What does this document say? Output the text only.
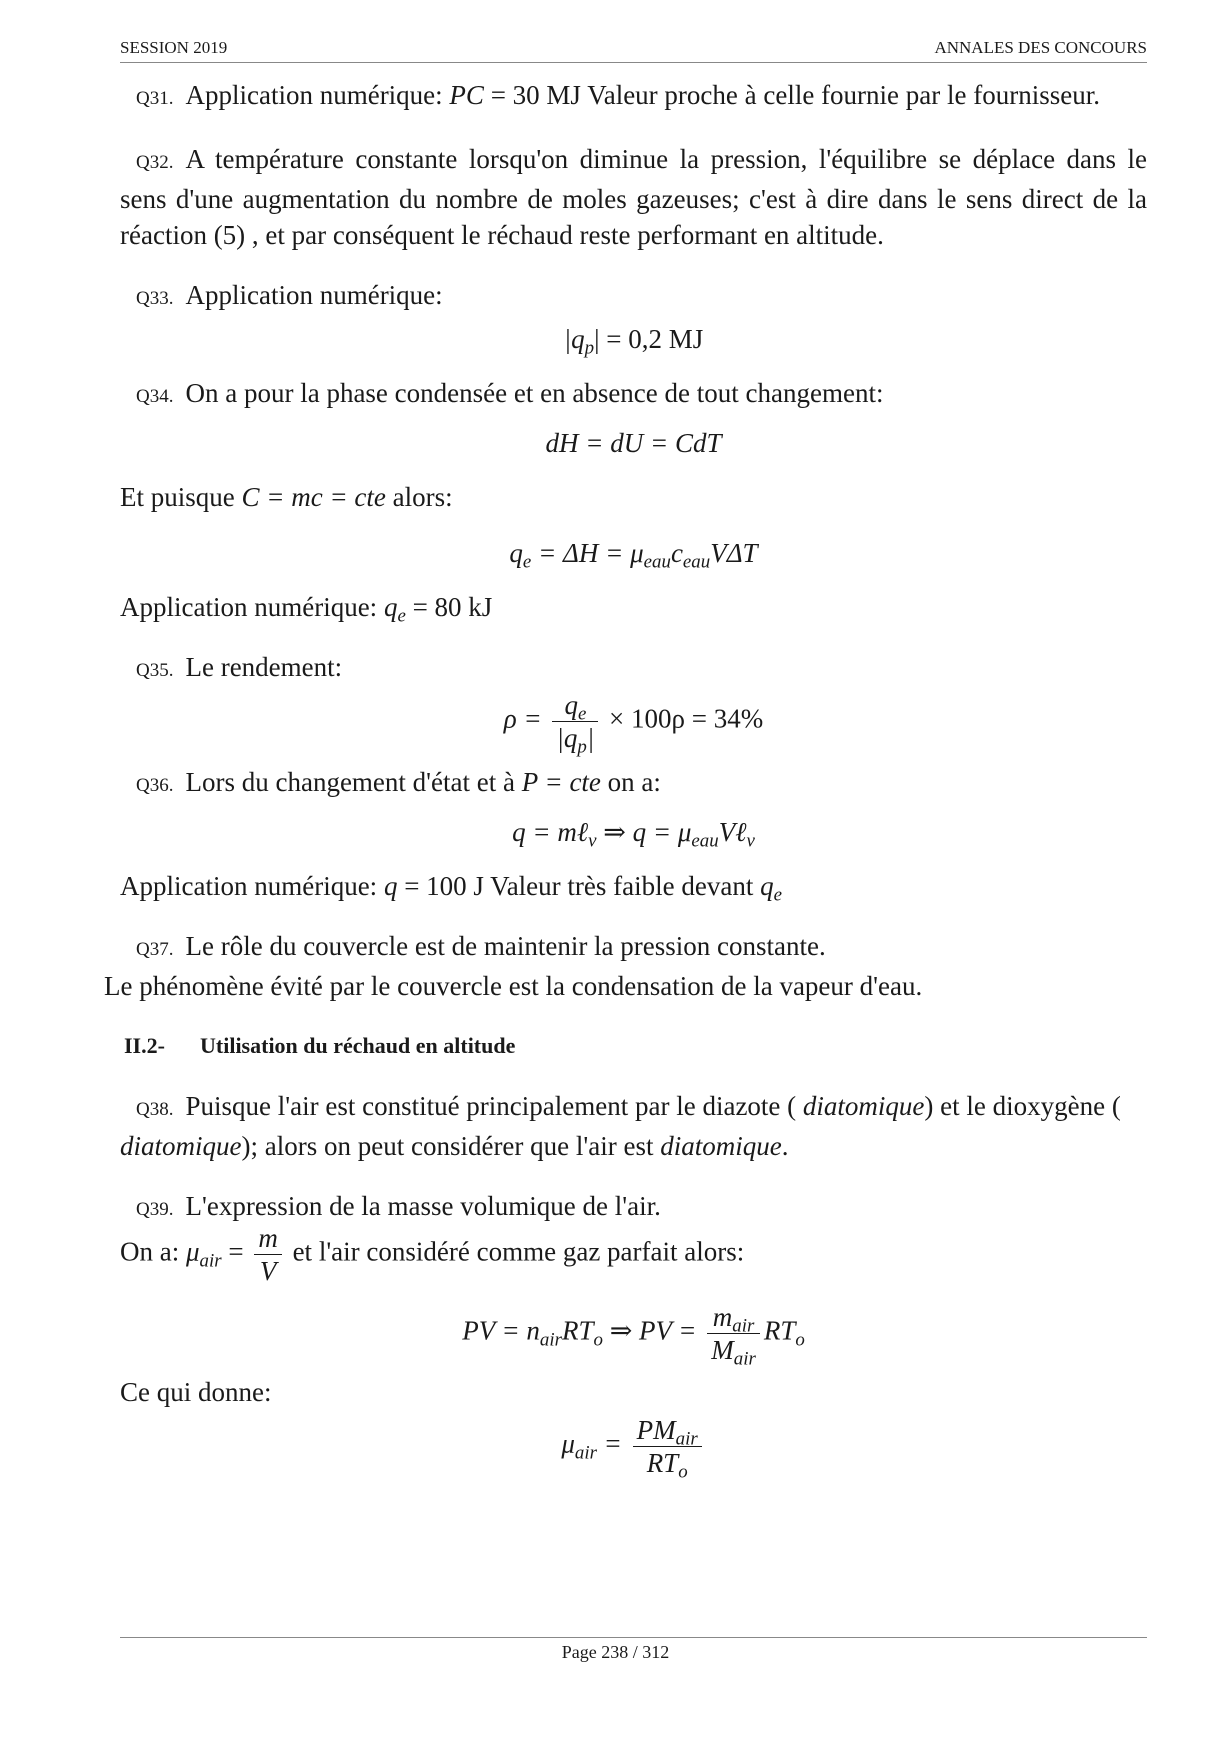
SESSION 2019	ANNALES DES CONCOURS

Q31. Application numérique: PC = 30 MJ Valeur proche à celle fournie par le fournisseur.

Q32. A température constante lorsqu'on diminue la pression, l'équilibre se déplace dans le sens d'une augmentation du nombre de moles gazeuses; c'est à dire dans le sens direct de la réaction (5) , et par conséquent le réchaud reste performant en altitude.

Q33. Application numérique:

$|q_p| = 0,2$ MJ

Q34. On a pour la phase condensée et en absence de tout changement:

dH = dU = CdT

Et puisque C = mc = cte alors:

$q_e = \Delta H = \mu_{eau}c_{eau}V\Delta T$

Application numérique: $q_e = 80$ kJ

Q35. Le rendement:

$\rho = \frac{q_e}{|q_p|} \times 100\rho = 34\%$

Q36. Lors du changement d'état et à P = cte on a:

q = mℓ$_v$ ⇒ $q = \mu_{eau}V\ell_v$

Application numérique: q = 100 J Valeur très faible devant $q_e$

Q37. Le rôle du couvercle est de maintenir la pression constante.
Le phénomène évité par le couvercle est la condensation de la vapeur d'eau.

II.2- Utilisation du réchaud en altitude

Q38. Puisque l'air est constitué principalement par le diazote ( diatomique) et le dioxygène ( diatomique); alors on peut considérer que l'air est diatomique.

Q39. L'expression de la masse volumique de l'air.

On a: $\mu_{air} = \frac{m}{V}$ et l'air considéré comme gaz parfait alors:

PV = $n_{air}RT_o$ ⇒ PV = $\frac{m_{air}}{M_{air}} RT_o$

Ce qui donne:

$\mu_{air} = \frac{PM_{air}}{RT_o}$
Page 238 / 312
